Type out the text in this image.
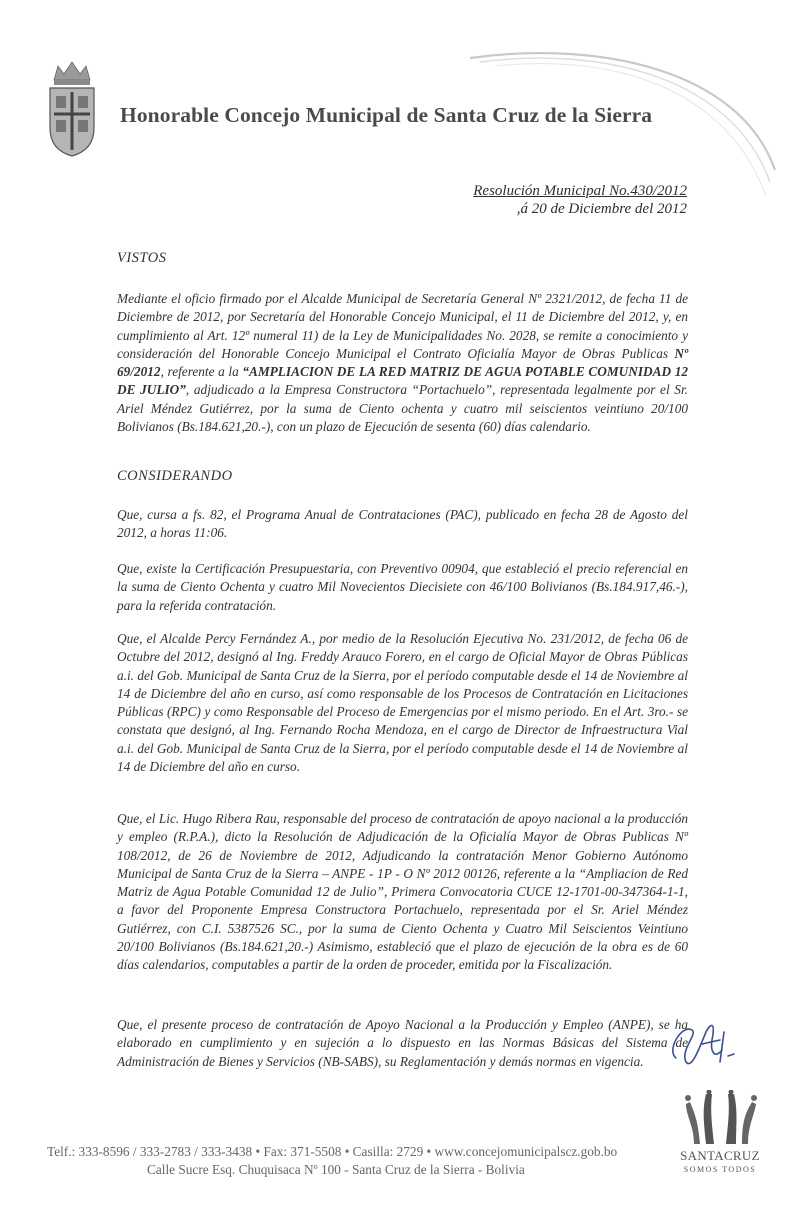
Honorable Concejo Municipal de Santa Cruz de la Sierra
Resolución Municipal No.430/2012
,á 20 de Diciembre del 2012
VISTOS
Mediante el oficio firmado por el Alcalde Municipal de Secretaría General Nº 2321/2012, de fecha 11 de Diciembre de 2012, por Secretaría del Honorable Concejo Municipal, el 11 de Diciembre del 2012, y, en cumplimiento al Art. 12º numeral 11) de la Ley de Municipalidades No. 2028, se remite a conocimiento y consideración del Honorable Concejo Municipal el Contrato Oficialía Mayor de Obras Publicas Nº 69/2012, referente a la “AMPLIACION DE LA RED MATRIZ DE AGUA POTABLE COMUNIDAD 12 DE JULIO”, adjudicado a la Empresa Constructora “Portachuelo”, representada legalmente por el Sr. Ariel Méndez Gutiérrez, por la suma de Ciento ochenta y cuatro mil seiscientos veintiuno 20/100 Bolivianos (Bs.184.621,20.-), con un plazo de Ejecución de sesenta (60) días calendario.
CONSIDERANDO
Que, cursa a fs. 82, el Programa Anual de Contrataciones (PAC), publicado en fecha 28 de Agosto del 2012, a horas 11:06.
Que, existe la Certificación Presupuestaria, con Preventivo 00904, que estableció el precio referencial en la suma de Ciento Ochenta y cuatro Mil Novecientos Diecisiete con 46/100 Bolivianos (Bs.184.917,46.-), para la referida contratación.
Que, el Alcalde Percy Fernández A., por medio de la Resolución Ejecutiva No. 231/2012, de fecha 06 de Octubre del 2012, designó al Ing. Freddy Arauco Forero, en el cargo de Oficial Mayor de Obras Públicas a.i. del Gob. Municipal de Santa Cruz de la Sierra, por el período computable desde el 14 de Noviembre al 14 de Diciembre del año en curso, así como responsable de los Procesos de Contratación en Licitaciones Públicas (RPC) y como Responsable del Proceso de Emergencias por el mismo periodo. En el Art. 3ro.- se constata que designó, al Ing. Fernando Rocha Mendoza, en el cargo de Director de Infraestructura Vial a.i. del Gob. Municipal de Santa Cruz de la Sierra, por el período computable desde el 14 de Noviembre al 14 de Diciembre del año en curso.
Que, el Lic. Hugo Ribera Rau, responsable del proceso de contratación de apoyo nacional a la producción y empleo (R.P.A.), dicto la Resolución de Adjudicación de la Oficialía Mayor de Obras Publicas Nº 108/2012, de 26 de Noviembre de 2012, Adjudicando la contratación Menor Gobierno Autónomo Municipal de Santa Cruz de la Sierra – ANPE - 1P - O Nº 2012 00126, referente a la “Ampliacion de Red Matriz de Agua Potable Comunidad 12 de Julio”, Primera Convocatoria CUCE 12-1701-00-347364-1-1, a favor del Proponente Empresa Constructora Portachuelo, representada por el Sr. Ariel Méndez Gutiérrez, con C.I. 5387526 SC., por la suma de Ciento Ochenta y Cuatro Mil Seiscientos Veintiuno 20/100 Bolivianos (Bs.184.621,20.-) Asimismo, estableció que el plazo de ejecución de la obra es de 60 días calendarios, computables a partir de la orden de proceder, emitida por la Fiscalización.
Que, el presente proceso de contratación de Apoyo Nacional a la Producción y Empleo (ANPE), se ha elaborado en cumplimiento y en sujeción a lo dispuesto en las Normas Básicas del Sistema de Administración de Bienes y Servicios (NB-SABS), su Reglamentación y demás normas en vigencia.
Telf.: 333-8596 / 333-2783 / 333-3438 • Fax: 371-5508 • Casilla: 2729 • www.concejomunicipalscz.gob.bo
Calle Sucre Esq. Chuquisaca Nº 100 - Santa Cruz de la Sierra - Bolivia
SANTACRUZ
SOMOS TODOS
